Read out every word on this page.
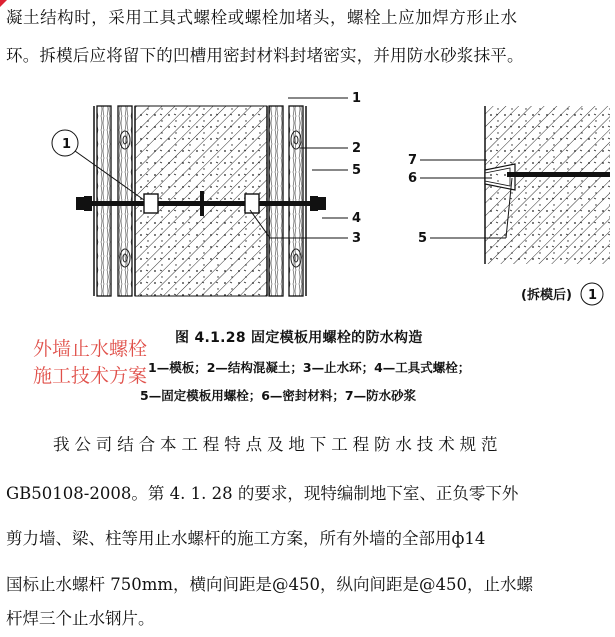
凝土结构时，采用工具式螺栓或螺栓加堵头，螺栓上应加焊方形止水
环。拆模后应将留下的凹槽用密封材料封堵密实，并用防水砂浆抹平。
1
1
2
5
4
3
7
6
5
(拆模后) 1
外墙止水螺栓
施工技术方案
图 4.1.28 固定模板用螺栓的防水构造
1—模板；2—结构混凝土；3—止水环；4—工具式螺栓；
5—固定模板用螺栓；6—密封材料；7—防水砂浆
我公司结合本工程特点及地下工程防水技术规范
GB50108-2008。第 4. 1. 28 的要求，现特编制地下室、正负零下外
剪力墙、梁、柱等用止水螺杆的施工方案，所有外墙的全部用ф14
国标止水螺杆 750mm，横向间距是@450，纵向间距是@450，止水螺
杆焊三个止水钢片。
